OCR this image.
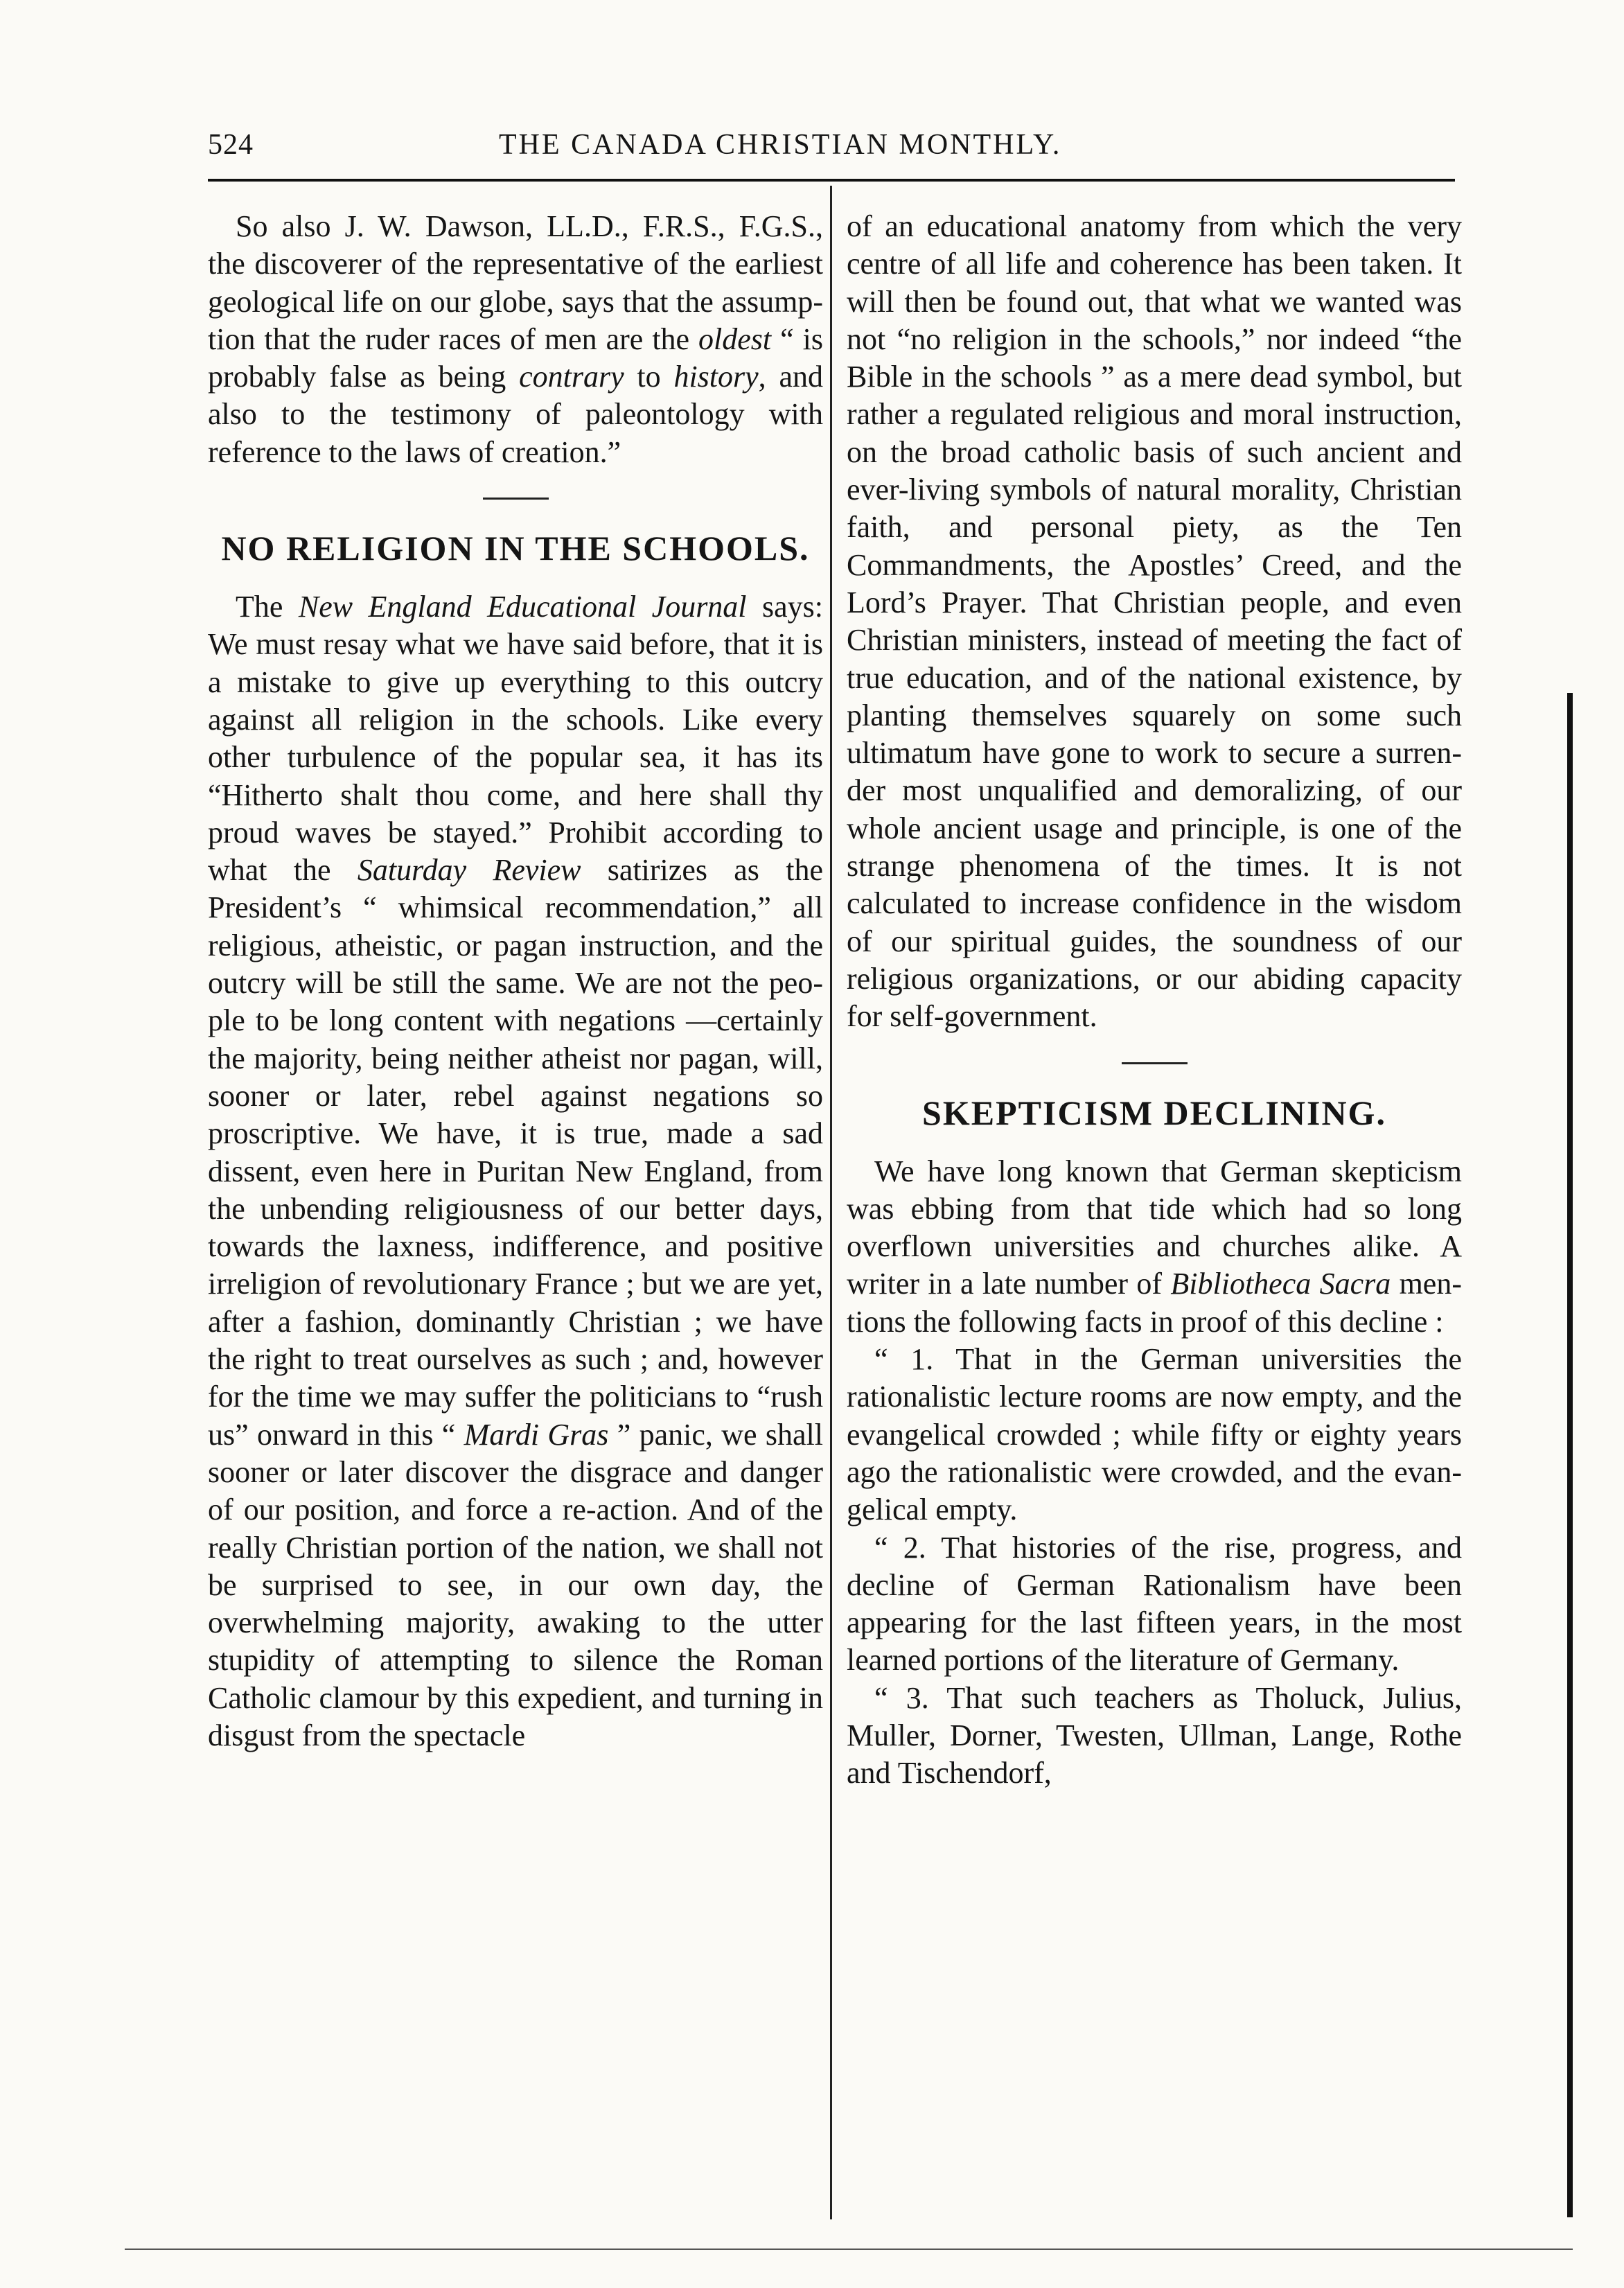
524	THE CANADA CHRISTIAN MONTHLY.

So also J. W. Dawson, LL.D., F.R.S., F.G.S., the discoverer of the representative of the earliest geological life on our globe, says that the assumption that the ruder races of men are the oldest “ is probably false as being contrary to history, and also to the testimony of paleontology with reference to the laws of creation.”

NO RELIGION IN THE SCHOOLS.

The New England Educational Journal says: We must resay what we have said before, that it is a mistake to give up everything to this outcry against all religion in the schools. Like every other turbulence of the popular sea, it has its “Hitherto shalt thou come, and here shall thy proud waves be stayed.” Prohibit according to what the Saturday Review satirizes as the President’s “ whimsical recommendation,” all religious, atheistic, or pagan instruction, and the outcry will be still the same. We are not the people to be long content with negations —certainly the majority, being neither atheist nor pagan, will, sooner or later, rebel against negations so proscriptive. We have, it is true, made a sad dissent, even here in Puritan New England, from the unbending religiousness of our better days, towards the laxness, indifference, and positive irreligion of revolutionary France ; but we are yet, after a fashion, dominantly Christian ; we have the right to treat ourselves as such ; and, however for the time we may suffer the politicians to “rush us” onward in this “ Mardi Gras ” panic, we shall sooner or later discover the disgrace and danger of our position, and force a re-action. And of the really Christian portion of the nation, we shall not be surprised to see, in our own day, the overwhelming majority, awaking to the utter stupidity of attempting to silence the Roman Catholic clamour by this expedient, and turning in disgust from the spectacle

of an educational anatomy from which the very centre of all life and coherence has been taken. It will then be found out, that what we wanted was not “no religion in the schools,” nor indeed “the Bible in the schools ” as a mere dead symbol, but rather a regulated religious and moral instruction, on the broad catholic basis of such ancient and ever-living symbols of natural morality, Christian faith, and personal piety, as the Ten Commandments, the Apostles’ Creed, and the Lord’s Prayer. That Christian people, and even Christian ministers, instead of meeting the fact of true education, and of the national existence, by planting themselves squarely on some such ultimatum have gone to work to secure a surrender most unqualified and demoralizing, of our whole ancient usage and principle, is one of the strange phenomena of the times. It is not calculated to increase confidence in the wisdom of our spiritual guides, the soundness of our religious organizations, or our abiding capacity for self-government.

SKEPTICISM DECLINING.

We have long known that German skepticism was ebbing from that tide which had so long overflown universities and churches alike. A writer in a late number of Bibliotheca Sacra mentions the following facts in proof of this decline :

“ 1. That in the German universities the rationalistic lecture rooms are now empty, and the evangelical crowded ; while fifty or eighty years ago the rationalistic were crowded, and the evangelical empty.

“ 2. That histories of the rise, progress, and decline of German Rationalism have been appearing for the last fifteen years, in the most learned portions of the literature of Germany.

“ 3. That such teachers as Tholuck, Julius, Muller, Dorner, Twesten, Ullman, Lange, Rothe and Tischendorf,
